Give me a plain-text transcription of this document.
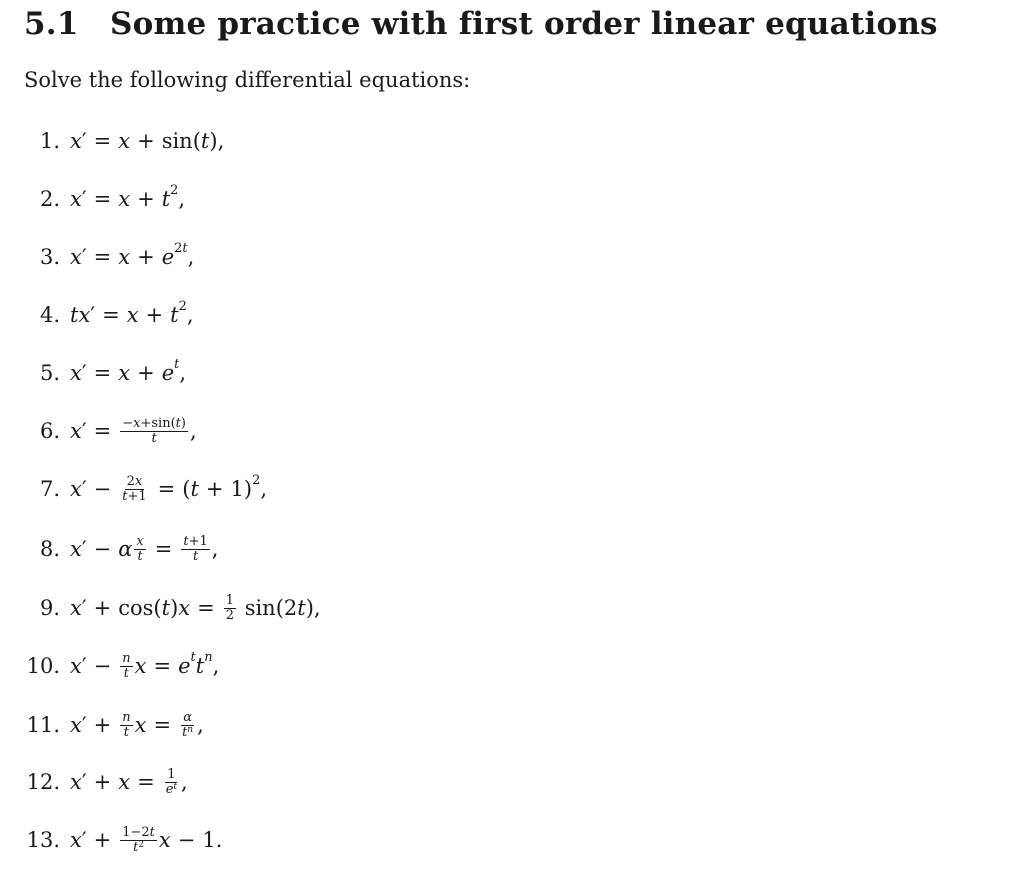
5.1	Some practice with first order linear equations
Solve the following differential equations:
1. x ′ = x + sin ( t ),
2. x ′ = x + t 2 ,
3. x ′ = x + e 2t ,
4. tx ′ = x + t 2 ,
5. x ′ = x + e t ,
6. x ′ = $\frac{-x+\sin(t)}{t}$ ,
7. x ′ − $\frac{2x}{t+1}$ = ( t + 1) 2 ,
8. x ′ − α $\frac{x}{t} = \frac{t+1}{t}$ ,
9. x ′ + cos ( t ) $x = \frac{1}{2}$ sin (2 t ),
10. x ′ − $\frac{n}{t}$ x = e t t n ,
11. x ′ + $\frac{n}{t}$ $x = \frac{\alpha}{t^n}$ ,
12. x ′ + $x = \frac{1}{e^t}$ ,
13. x ′ + $\frac{1-2t}{t^2}$ x − 1.
